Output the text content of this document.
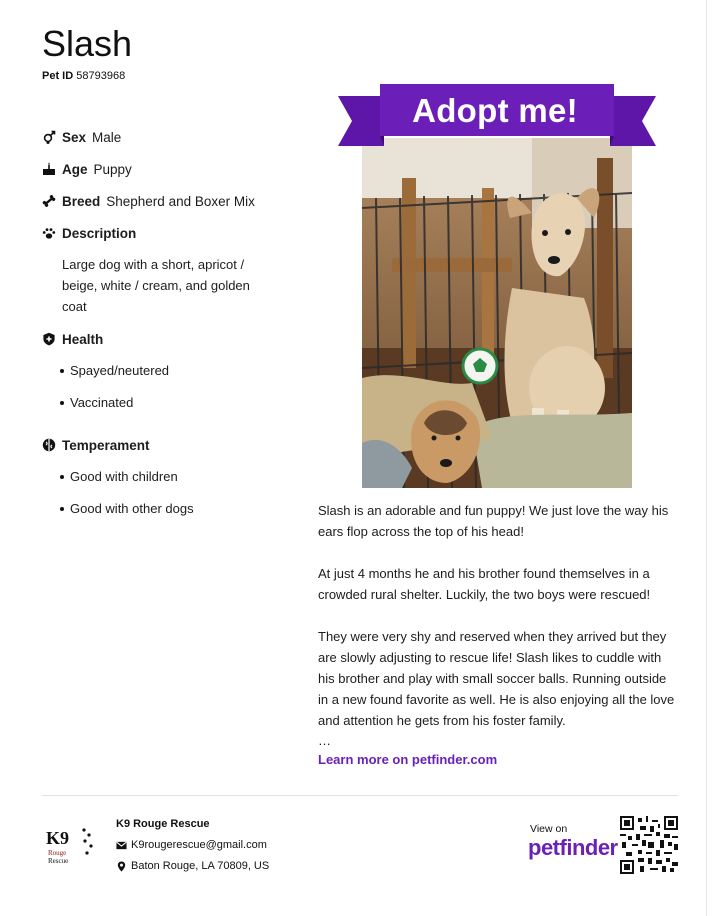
Slash
Pet ID 58793968
Sex Male
Age Puppy
Breed Shepherd and Boxer Mix
Description
Large dog with a short, apricot / beige, white / cream, and golden coat
Health
Spayed/neutered
Vaccinated
Temperament
Good with children
Good with other dogs
Adopt me!

Slash is an adorable and fun puppy! We just love the way his ears flop across the top of his head!

At just 4 months he and his brother found themselves in a crowded rural shelter. Luckily, the two boys were rescued!

They were very shy and reserved when they arrived but they are slowly adjusting to rescue life! Slash likes to cuddle with his brother and play with small soccer balls. Running outside in a new found favorite as well. He is also enjoying all the love and attention he gets from his foster family.

…

Learn more on petfinder.com
K9
Rouge
Rescue
K9 Rouge Rescue
K9rougerescue@gmail.com
Baton Rouge, LA 70809, US
View on
petfinder
